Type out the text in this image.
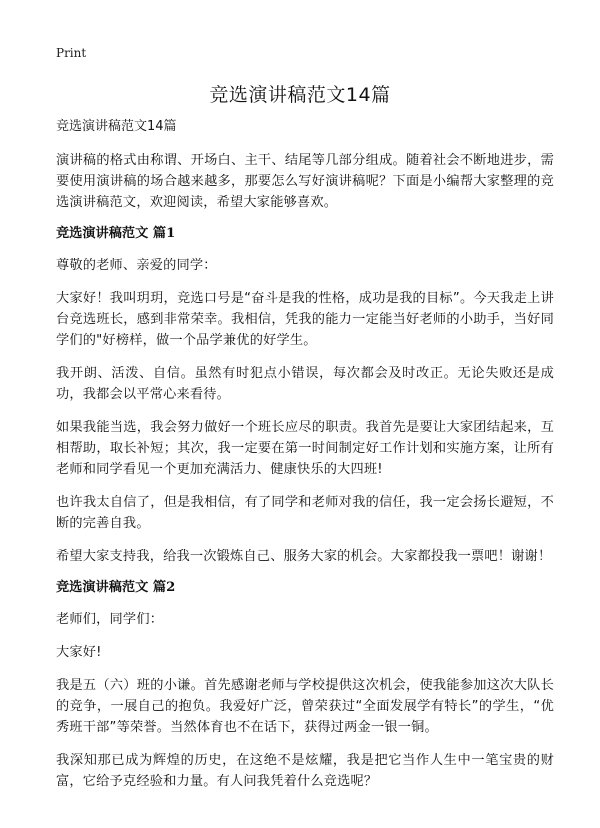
Print
竞选演讲稿范文14篇
竞选演讲稿范文14篇

演讲稿的格式由称谓、开场白、主干、结尾等几部分组成。随着社会不断地进步，需要使用演讲稿的场合越来越多，那要怎么写好演讲稿呢？下面是小编帮大家整理的竞选演讲稿范文，欢迎阅读，希望大家能够喜欢。

竞选演讲稿范文 篇1

尊敬的老师、亲爱的同学：

大家好！我叫玥玥，竞选口号是“奋斗是我的性格，成功是我的目标”。今天我走上讲台竞选班长，感到非常荣幸。我相信，凭我的能力一定能当好老师的小助手，当好同学们的"好榜样，做一个品学兼优的好学生。

我开朗、活泼、自信。虽然有时犯点小错误，每次都会及时改正。无论失败还是成功，我都会以平常心来看待。

如果我能当选，我会努力做好一个班长应尽的职责。我首先是要让大家团结起来，互相帮助，取长补短；其次，我一定要在第一时间制定好工作计划和实施方案，让所有老师和同学看见一个更加充满活力、健康快乐的大四班!

也许我太自信了，但是我相信，有了同学和老师对我的信任，我一定会扬长避短，不断的完善自我。

希望大家支持我，给我一次锻炼自己、服务大家的机会。大家都投我一票吧！谢谢！

竞选演讲稿范文 篇2

老师们，同学们：

大家好!

我是五（六）班的小谦。首先感谢老师与学校提供这次机会，使我能参加这次大队长的竞争，一展自己的抱负。我爱好广泛，曾荣获过“全面发展学有特长”的学生，“优秀班干部”等荣誉。当然体育也不在话下，获得过两金一银一铜。

我深知那已成为辉煌的历史，在这绝不是炫耀，我是把它当作人生中一笔宝贵的财富，它给予克经验和力量。有人问我凭着什么竞选呢？
